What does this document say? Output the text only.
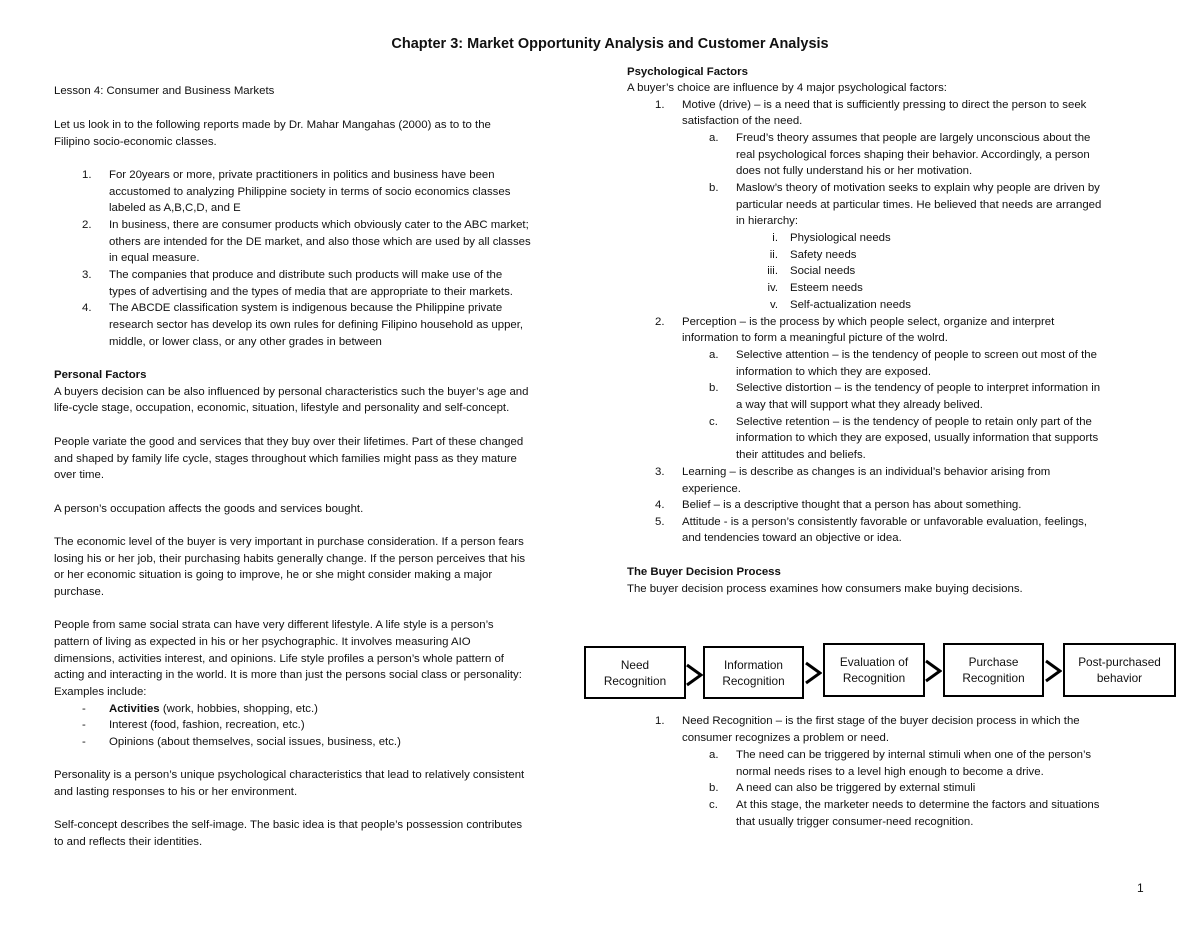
Chapter 3: Market Opportunity Analysis and Customer Analysis
Lesson 4: Consumer and Business Markets
Let us look in to the following reports made by Dr. Mahar Mangahas (2000) as to to the
Filipino socio-economic classes.
1. For 20years or more, private practitioners in politics and business have been
accustomed to analyzing Philippine society in terms of socio economics classes
labeled as A,B,C,D, and E
2. In business, there are consumer products which obviously cater to the ABC market;
others are intended for the DE market, and also those which are used by all classes
in equal measure.
3. The companies that produce and distribute such products will make use of the
types of advertising and the types of media that are appropriate to their markets.
4. The ABCDE classification system is indigenous because the Philippine private
research sector has develop its own rules for defining Filipino household as upper,
middle, or lower class, or any other grades in between
Personal Factors
A buyers decision can be also influenced by personal characteristics such the buyer’s age and
life-cycle stage, occupation, economic, situation, lifestyle and personality and self-concept.
People variate the good and services that they buy over their lifetimes. Part of these changed
and shaped by family life cycle, stages throughout which families might pass as they mature
over time.
A person’s occupation affects the goods and services bought.
The economic level of the buyer is very important in purchase consideration. If a person fears
losing his or her job, their purchasing habits generally change. If the person perceives that his
or her economic situation is going to improve, he or she might consider making a major
purchase.
People from same social strata can have very different lifestyle. A life style is a person’s
pattern of living as expected in his or her psychographic. It involves measuring AIO
dimensions, activities interest, and opinions. Life style profiles a person’s whole pattern of
acting and interacting in the world. It is more than just the persons social class or personality:
Examples include:
- Activities (work, hobbies, shopping, etc.)
- Interest (food, fashion, recreation, etc.)
- Opinions (about themselves, social issues, business, etc.)
Personality is a person’s unique psychological characteristics that lead to relatively consistent
and lasting responses to his or her environment.
Self-concept describes the self-image. The basic idea is that people’s possession contributes
to and reflects their identities.
Psychological Factors
A buyer’s choice are influence by 4 major psychological factors:
1. Motive (drive) – is a need that is sufficiently pressing to direct the person to seek
satisfaction of the need.
a. Freud’s theory assumes that people are largely unconscious about the
real psychological forces shaping their behavior. Accordingly, a person
does not fully understand his or her motivation.
b. Maslow’s theory of motivation seeks to explain why people are driven by
particular needs at particular times. He believed that needs are arranged
in hierarchy:
i. Physiological needs
ii. Safety needs
iii. Social needs
iv. Esteem needs
v. Self-actualization needs
2. Perception – is the process by which people select, organize and interpret
information to form a meaningful picture of the wolrd.
a. Selective attention – is the tendency of people to screen out most of the
information to which they are exposed.
b. Selective distortion – is the tendency of people to interpret information in
a way that will support what they already belived.
c. Selective retention – is the tendency of people to retain only part of the
information to which they are exposed, usually information that supports
their attitudes and beliefs.
3. Learning – is describe as changes is an individual’s behavior arising from
experience.
4. Belief – is a descriptive thought that a person has about something.
5. Attitude - is a person’s consistently favorable or unfavorable evaluation, feelings,
and tendencies toward an objective or idea.
The Buyer Decision Process
The buyer decision process examines how consumers make buying decisions.
Need
Recognition
Information
Recognition
Evaluation of
Recognition
Purchase
Recognition
Post-purchased
behavior
1. Need Recognition – is the first stage of the buyer decision process in which the
consumer recognizes a problem or need.
a. The need can be triggered by internal stimuli when one of the person’s
normal needs rises to a level high enough to become a drive.
b. A need can also be triggered by external stimuli
c. At this stage, the marketer needs to determine the factors and situations
that usually trigger consumer-need recognition.
1
